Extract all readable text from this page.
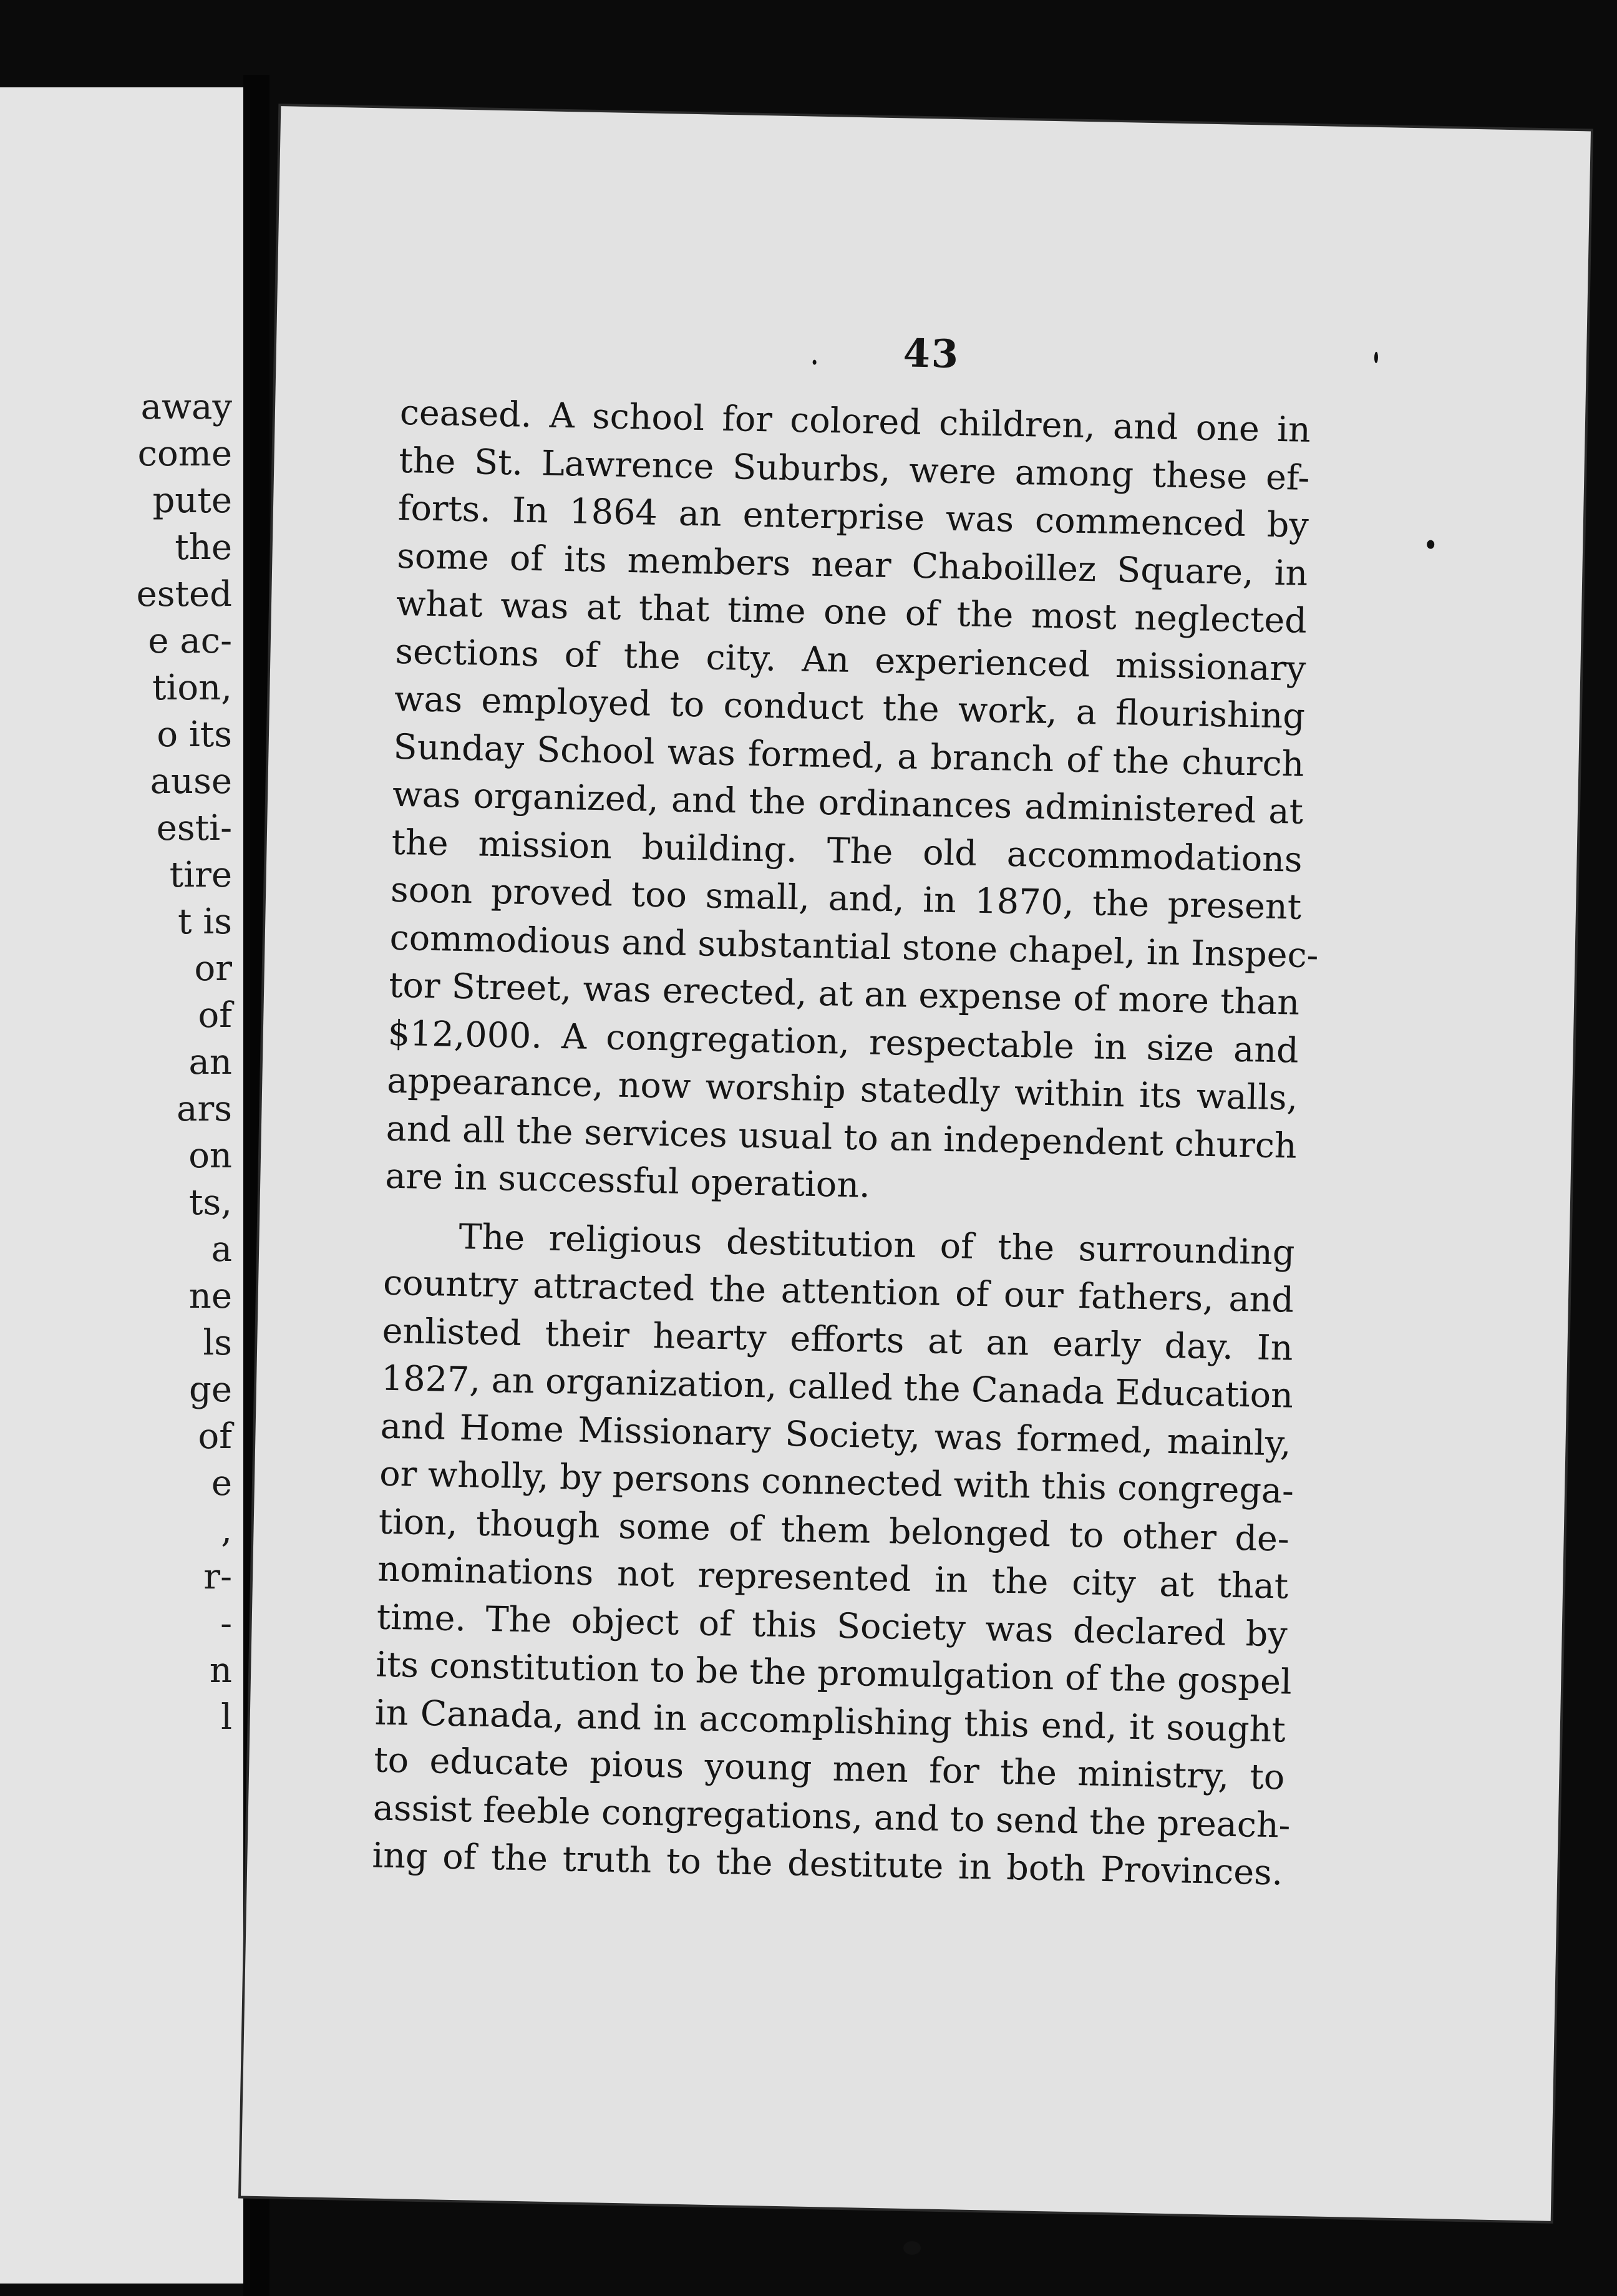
away
come
pute
the
ested
e ac-
tion,
o its
ause
esti-
tire
t is
or
of
an
ars
on
ts,
a
ne
ls
ge
of
e
,
r-
-
n
l
43
ceased. A school for colored children, and one in
the St. Lawrence Suburbs, were among these ef-
forts. In 1864 an enterprise was commenced by
some of its members near Chaboillez Square, in
what was at that time one of the most neglected
sections of the city. An experienced missionary
was employed to conduct the work, a flourishing
Sunday School was formed, a branch of the church
was organized, and the ordinances administered at
the mission building. The old accommodations
soon proved too small, and, in 1870, the present
commodious and substantial stone chapel, in Inspec-
tor Street, was erected, at an expense of more than
$12,000. A congregation, respectable in size and
appearance, now worship statedly within its walls,
and all the services usual to an independent church
are in successful operation.
The religious destitution of the surrounding
country attracted the attention of our fathers, and
enlisted their hearty efforts at an early day. In
1827, an organization, called the Canada Education
and Home Missionary Society, was formed, mainly,
or wholly, by persons connected with this congrega-
tion, though some of them belonged to other de-
nominations not represented in the city at that
time. The object of this Society was declared by
its constitution to be the promulgation of the gospel
in Canada, and in accomplishing this end, it sought
to educate pious young men for the ministry, to
assist feeble congregations, and to send the preach-
ing of the truth to the destitute in both Provinces.
